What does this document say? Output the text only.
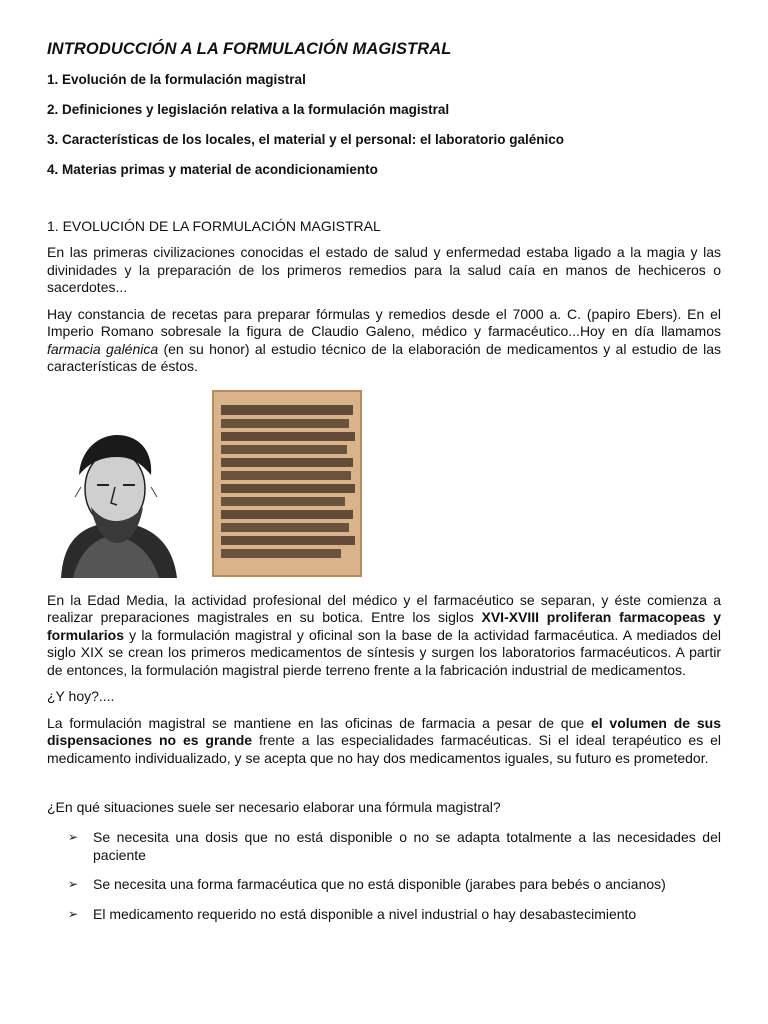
INTRODUCCIÓN A LA FORMULACIÓN MAGISTRAL
1. Evolución de la formulación magistral
2. Definiciones y legislación relativa a la formulación magistral
3. Características de los locales, el material y el personal: el laboratorio galénico
4. Materias primas y material de acondicionamiento
1. EVOLUCIÓN DE LA FORMULACIÓN MAGISTRAL

En las primeras civilizaciones conocidas el estado de salud y enfermedad estaba ligado a la magia y las divinidades y la preparación de los primeros remedios para la salud caía en manos de hechiceros o sacerdotes...

Hay constancia de recetas para preparar fórmulas y remedios desde el 7000 a. C. (papiro Ebers). En el Imperio Romano sobresale la figura de Claudio Galeno, médico y farmacéutico...Hoy en día llamamos farmacia galénica (en su honor) al estudio técnico de la elaboración de medicamentos y al estudio de las características de éstos.

En la Edad Media, la actividad profesional del médico y el farmacéutico se separan, y éste comienza a realizar preparaciones magistrales en su botica. Entre los siglos XVI-XVIII proliferan farmacopeas y formularios y la formulación magistral y oficinal son la base de la actividad farmacéutica. A mediados del siglo XIX se crean los primeros medicamentos de síntesis y surgen los laboratorios farmacéuticos. A partir de entonces, la formulación magistral pierde terreno frente a la fabricación industrial de medicamentos.

¿Y hoy?....

La formulación magistral se mantiene en las oficinas de farmacia a pesar de que el volumen de sus dispensaciones no es grande frente a las especialidades farmacéuticas. Si el ideal terapéutico es el medicamento individualizado, y se acepta que no hay dos medicamentos iguales, su futuro es prometedor.

¿En qué situaciones suele ser necesario elaborar una fórmula magistral?
➢ Se necesita una dosis que no está disponible o no se adapta totalmente a las necesidades del paciente
➢ Se necesita una forma farmacéutica que no está disponible (jarabes para bebés o ancianos)
➢ El medicamento requerido no está disponible a nivel industrial o hay desabastecimiento
